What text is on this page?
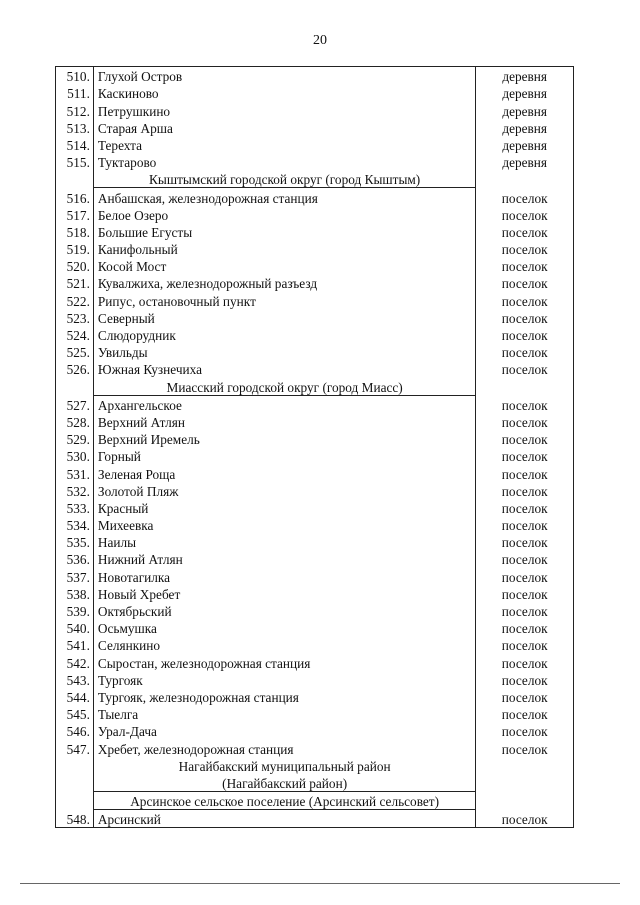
20
510.	Глухой Остров	деревня
511.	Каскиново	деревня
512.	Петрушкино	деревня
513.	Старая Арша	деревня
514.	Терехта	деревня
515.	Туктарово	деревня
	Кыштымский городской округ (город Кыштым)	
516.	Анбашская, железнодорожная станция	поселок
517.	Белое Озеро	поселок
518.	Большие Егусты	поселок
519.	Канифольный	поселок
520.	Косой Мост	поселок
521.	Кувалжиха, железнодорожный разъезд	поселок
522.	Рипус, остановочный пункт	поселок
523.	Северный	поселок
524.	Слюдорудник	поселок
525.	Увильды	поселок
526.	Южная Кузнечиха	поселок
	Миасский городской округ (город Миасс)	
527.	Архангельское	поселок
528.	Верхний Атлян	поселок
529.	Верхний Иремель	поселок
530.	Горный	поселок
531.	Зеленая Роща	поселок
532.	Золотой Пляж	поселок
533.	Красный	поселок
534.	Михеевка	поселок
535.	Наилы	поселок
536.	Нижний Атлян	поселок
537.	Новотагилка	поселок
538.	Новый Хребет	поселок
539.	Октябрьский	поселок
540.	Осьмушка	поселок
541.	Селянкино	поселок
542.	Сыростан, железнодорожная станция	поселок
543.	Тургояк	поселок
544.	Тургояк, железнодорожная станция	поселок
545.	Тыелга	поселок
546.	Урал-Дача	поселок
547.	Хребет, железнодорожная станция	поселок
	Нагайбакский муниципальный район	
	(Нагайбакский район)	
	Арсинское сельское поселение (Арсинский сельсовет)	
548.	Арсинский	поселок
